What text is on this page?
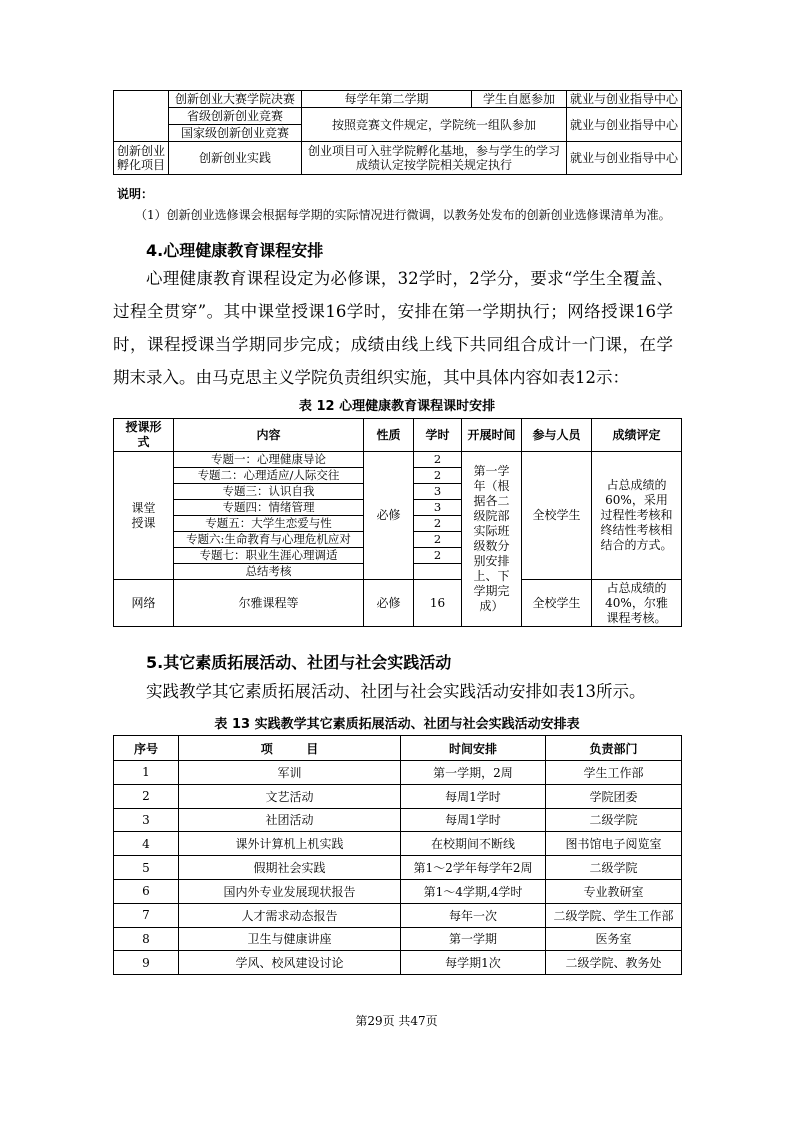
	创新创业大赛学院决赛	每学年第二学期	学生自愿参加	就业与创业指导中心
	省级创新创业竞赛	按照竞赛文件规定，学院统一组队参加		就业与创业指导中心
	国家级创新创业竞赛			
创新创业孵化项目	创新创业实践	创业项目可入驻学院孵化基地，参与学生的学习成绩认定按学院相关规定执行		就业与创业指导中心
说明：
（1）创新创业选修课会根据每学期的实际情况进行微调，以教务处发布的创新创业选修课清单为准。
4.心理健康教育课程安排
心理健康教育课程设定为必修课，32学时，2学分，要求“学生全覆盖、过程全贯穿”。其中课堂授课16学时，安排在第一学期执行；网络授课16学时，课程授课当学期同步完成；成绩由线上线下共同组合成计一门课，在学期末录入。由马克思主义学院负责组织实施，其中具体内容如表12示：
表 12 心理健康教育课程课时安排
授课形式	内容	性质	学时	开展时间	参与人员	成绩评定
课堂授课	专题一：心理健康导论	必修	2	第一学年（根据各二级院部实际班级数分别安排上、下学期完成）	全校学生	占总成绩的60%，采用过程性考核和终结性考核相结合的方式。
	专题二：心理适应/人际交往		2			
	专题三：认识自我		3			
	专题四：情绪管理		3			
	专题五：大学生恋爱与性		2			
	专题六:生命教育与心理危机应对		2			
	专题七：职业生涯心理调适		2			
	总结考核					
网络	尔雅课程等	必修	16		全校学生	占总成绩的40%，尔雅课程考核。
5.其它素质拓展活动、社团与社会实践活动
实践教学其它素质拓展活动、社团与社会实践活动安排如表13所示。
表 13 实践教学其它素质拓展活动、社团与社会实践活动安排表
序号	项        目	时间安排	负责部门
1	军训	第一学期，2周	学生工作部
2	文艺活动	每周1学时	学院团委
3	社团活动	每周1学时	二级学院
4	课外计算机上机实践	在校期间不断线	图书馆电子阅览室
5	假期社会实践	第1～2学年每学年2周	二级学院
6	国内外专业发展现状报告	第1～4学期,4学时	专业教研室
7	人才需求动态报告	每年一次	二级学院、学生工作部
8	卫生与健康讲座	第一学期	医务室
9	学风、校风建设讨论	每学期1次	二级学院、教务处
第29页 共47页
